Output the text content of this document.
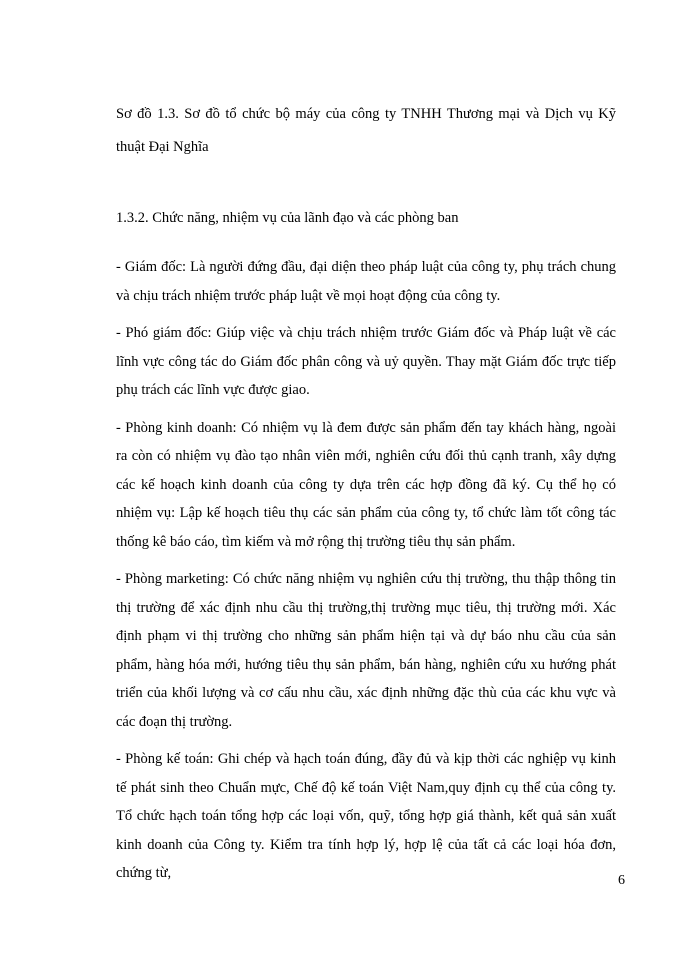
Sơ đồ 1.3. Sơ đồ tổ chức bộ máy của công ty TNHH Thương mại và Dịch vụ Kỹ thuật Đại Nghĩa
1.3.2. Chức năng, nhiệm vụ của lãnh đạo và các phòng ban

- Giám đốc: Là người đứng đầu, đại diện theo pháp luật của công ty, phụ trách chung và chịu trách nhiệm trước pháp luật về mọi hoạt động của công ty.

- Phó giám đốc: Giúp việc và chịu trách nhiệm trước Giám đốc và Pháp luật về các lĩnh vực công tác do Giám đốc phân công và uỷ quyền. Thay mặt Giám đốc trực tiếp phụ trách các lĩnh vực được giao.

- Phòng kinh doanh: Có nhiệm vụ là đem được sản phẩm đến tay khách hàng, ngoài ra còn có nhiệm vụ đào tạo nhân viên mới, nghiên cứu đối thủ cạnh tranh, xây dựng các kế hoạch kinh doanh của công ty dựa trên các hợp đồng đã ký. Cụ thể họ có nhiệm vụ: Lập kế hoạch tiêu thụ các sản phẩm của công ty, tổ chức làm tốt công tác thống kê báo cáo, tìm kiếm và mở rộng thị trường tiêu thụ sản phẩm.

- Phòng marketing: Có chức năng nhiệm vụ nghiên cứu thị trường, thu thập thông tin thị trường để xác định nhu cầu thị trường,thị trường mục tiêu, thị trường mới. Xác định phạm vi thị trường cho những sản phẩm hiện tại và dự báo nhu cầu của sản phẩm, hàng hóa mới, hướng tiêu thụ sản phẩm, bán hàng, nghiên cứu xu hướng phát triển của khối lượng và cơ cấu nhu cầu, xác định những đặc thù của các khu vực và các đoạn thị trường.

- Phòng kế toán: Ghi chép và hạch toán đúng, đầy đủ và kịp thời các nghiệp vụ kinh tế phát sinh theo Chuẩn mực, Chế độ kế toán Việt Nam,quy định cụ thể của công ty. Tổ chức hạch toán tổng hợp các loại vốn, quỹ, tổng hợp giá thành, kết quả sản xuất kinh doanh của Công ty. Kiểm tra tính hợp lý, hợp lệ của tất cả các loại hóa đơn, chứng từ,	6
